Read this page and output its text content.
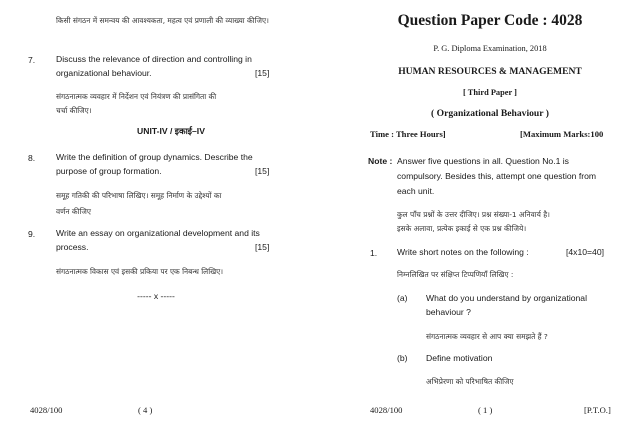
किसी संगठन में समन्वय की आवश्यकता, महत्व एवं प्रणाली की व्याख्या कीजिए।
7. Discuss the relevance of direction and controlling in
organizational behaviour.	[15]
संगठनात्मक व्यवहार में निर्देशन एवं नियंत्रण की प्रासंगिता की
चर्चा कीजिए।
UNIT-IV / इकाई–IV
8. Write the definition of group dynamics. Describe the
purpose of group formation.	[15]
समूह गतिकी की परिभाषा लिखिए। समूह निर्माण के उद्देश्यों का
वर्णन कीजिए
9. Write an essay on organizational development and its
process.	[15]
संगठनात्मक विकास एवं इसकी प्रकिया पर एक निबन्ध लिखिए।
----- x -----
4028/100	( 4 )
Question Paper Code : 4028
P. G. Diploma Examination, 2018
HUMAN RESOURCES & MANAGEMENT
[ Third Paper ]
( Organizational Behaviour )
Time : Three Hours]	[Maximum Marks:100
Note : Answer five questions in all. Question No.1 is
compulsory. Besides this, attempt one question from
each unit.
कुल पाँच प्रश्नों के उत्तर दीजिए। प्रश्न संख्या-1 अनिवार्य है।
इसके अलावा, प्रत्येक इकाई से एक प्रश्न कीजिये।
1. Write short notes on the following :	[4x10=40]
निम्नलिखित पर संक्षिप्त टिप्पणियाँ लिखिए :
(a) What do you understand by organizational
behaviour ?
संगठनात्मक व्यवहार से आप क्या समझते हैं ?
(b) Define motivation
अभिप्रेरणा को परिभाषित कीजिए
4028/100	( 1 )	[P.T.O.]
